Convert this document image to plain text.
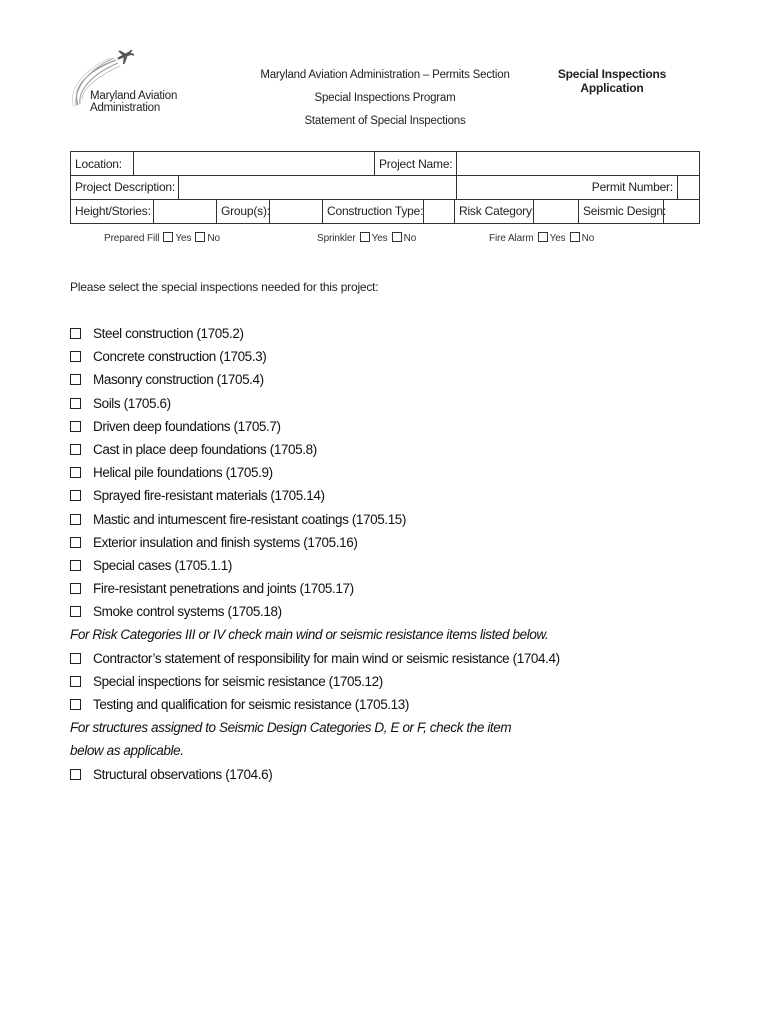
Maryland Aviation Administration
Maryland Aviation Administration – Permits Section
Special Inspections Program
Statement of Special Inspections
Special Inspections Application
Location:		Project Name:		

Project Description:			Permit Number:	

Height/Stories: Group(s): Construction Type: Risk Category: Seismic Design:				
Prepared Fill Yes No	Sprinkler Yes No	Fire Alarm Yes No
Please select the special inspections needed for this project:
Steel construction (1705.2)
Concrete construction (1705.3)
Masonry construction (1705.4)
Soils (1705.6)
Driven deep foundations (1705.7)
Cast in place deep foundations (1705.8)
Helical pile foundations (1705.9)
Sprayed fire-resistant materials (1705.14)
Mastic and intumescent fire-resistant coatings (1705.15)
Exterior insulation and finish systems (1705.16)
Special cases (1705.1.1)
Fire-resistant penetrations and joints (1705.17)
Smoke control systems (1705.18)
For Risk Categories III or IV check main wind or seismic resistance items listed below.
Contractor’s statement of responsibility for main wind or seismic resistance (1704.4)
Special inspections for seismic resistance (1705.12)
Testing and qualification for seismic resistance (1705.13)
For structures assigned to Seismic Design Categories D, E or F, check the item below as applicable.
Structural observations (1704.6)
